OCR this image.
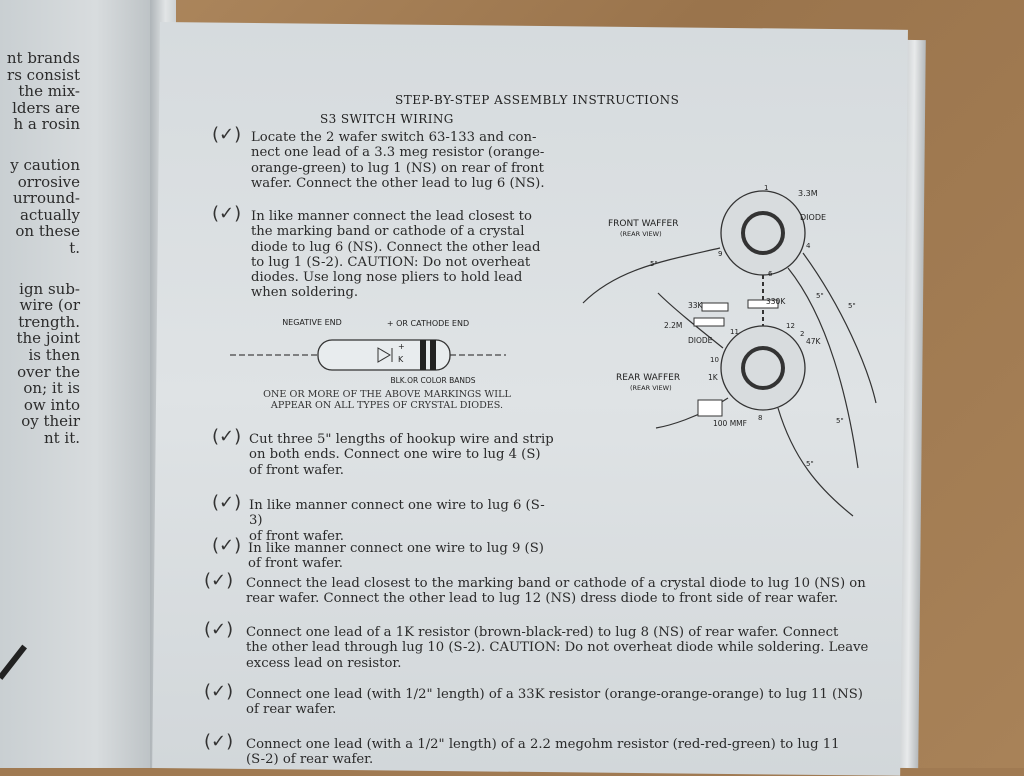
nt brands
rs consist
the mix-
lders are
h a rosin
y caution
orrosive
urround-
actually
on these
t.
ign sub-
wire (or
trength.
the joint
is then
over the
on; it is
ow into
oy their
nt it.
STEP-BY-STEP ASSEMBLY INSTRUCTIONS
S3 SWITCH WIRING
(✓) Locate the 2 wafer switch 63-133 and con-
nect one lead of a 3.3 meg resistor (orange-
orange-green) to lug 1 (NS) on rear of front
wafer. Connect the other lead to lug 6 (NS).
(✓) In like manner connect the lead closest to
the marking band or cathode of a crystal
diode to lug 6 (NS). Connect the other lead
to lug 1 (S-2). CAUTION: Do not overheat
diodes. Use long nose pliers to hold lead
when soldering.
(✓) Cut three 5" lengths of hookup wire and strip
on both ends. Connect one wire to lug 4 (S)
of front wafer.
(✓) In like manner connect one wire to lug 6 (S-3)
of front wafer.
(✓) In like manner connect one wire to lug 9 (S)
of front wafer.
(✓) Connect the lead closest to the marking band or cathode of a crystal diode to lug 10 (NS) on
rear wafer. Connect the other lead to lug 12 (NS) dress diode to front side of rear wafer.
(✓) Connect one lead of a 1K resistor (brown-black-red) to lug 8 (NS) of rear wafer. Connect
the other lead through lug 10 (S-2). CAUTION: Do not overheat diode while soldering. Leave
excess lead on resistor.
(✓) Connect one lead (with 1/2" length) of a 33K resistor (orange-orange-orange) to lug 11 (NS)
of rear wafer.
(✓) Connect one lead (with a 1/2" length) of a 2.2 megohm resistor (red-red-green) to lug 11
(S-2) of rear wafer.
NEGATIVE END	+ OR CATHODE END
+
K
BLK.OR COLOR BANDS
ONE OR MORE OF THE ABOVE MARKINGS WILL
APPEAR ON ALL TYPES OF CRYSTAL DIODES.
3.3M
DIODE
FRONT WAFFER
(REAR VIEW)
330K
33K
2.2M
DIODE	47K
REAR WAFFER
(REAR VIEW)
1K
100 MMF
5"
5"
5"
5"
5"
1
2
4
6
8
9
10
11
12
